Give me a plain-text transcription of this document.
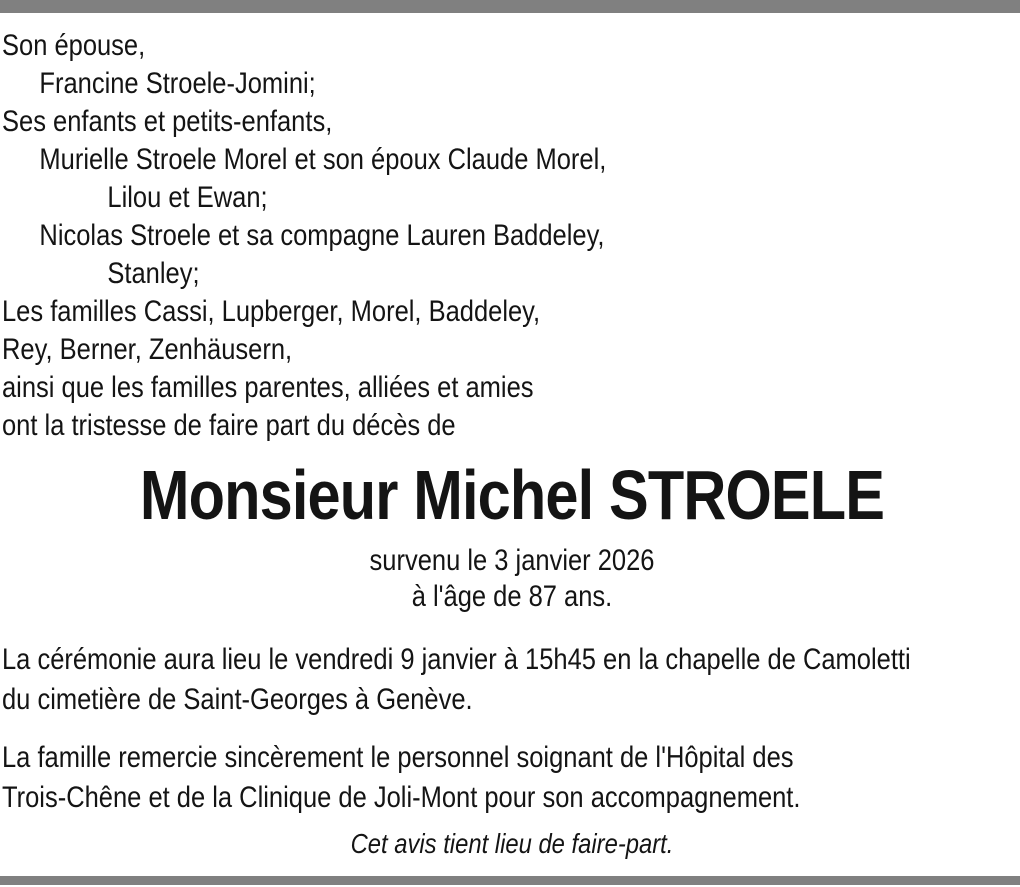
Son épouse,
Francine Stroele-Jomini;
Ses enfants et petits-enfants,
Murielle Stroele Morel et son époux Claude Morel,
Lilou et Ewan;
Nicolas Stroele et sa compagne Lauren Baddeley,
Stanley;
Les familles Cassi, Lupberger, Morel, Baddeley,
Rey, Berner, Zenhäusern,
ainsi que les familles parentes, alliées et amies
ont la tristesse de faire part du décès de
Monsieur Michel STROELE
survenu le 3 janvier 2026
à l'âge de 87 ans.
La cérémonie aura lieu le vendredi 9 janvier à 15h45 en la chapelle de Camoletti
du cimetière de Saint-Georges à Genève.
La famille remercie sincèrement le personnel soignant de l'Hôpital des
Trois-Chêne et de la Clinique de Joli-Mont pour son accompagnement.
Cet avis tient lieu de faire-part.
